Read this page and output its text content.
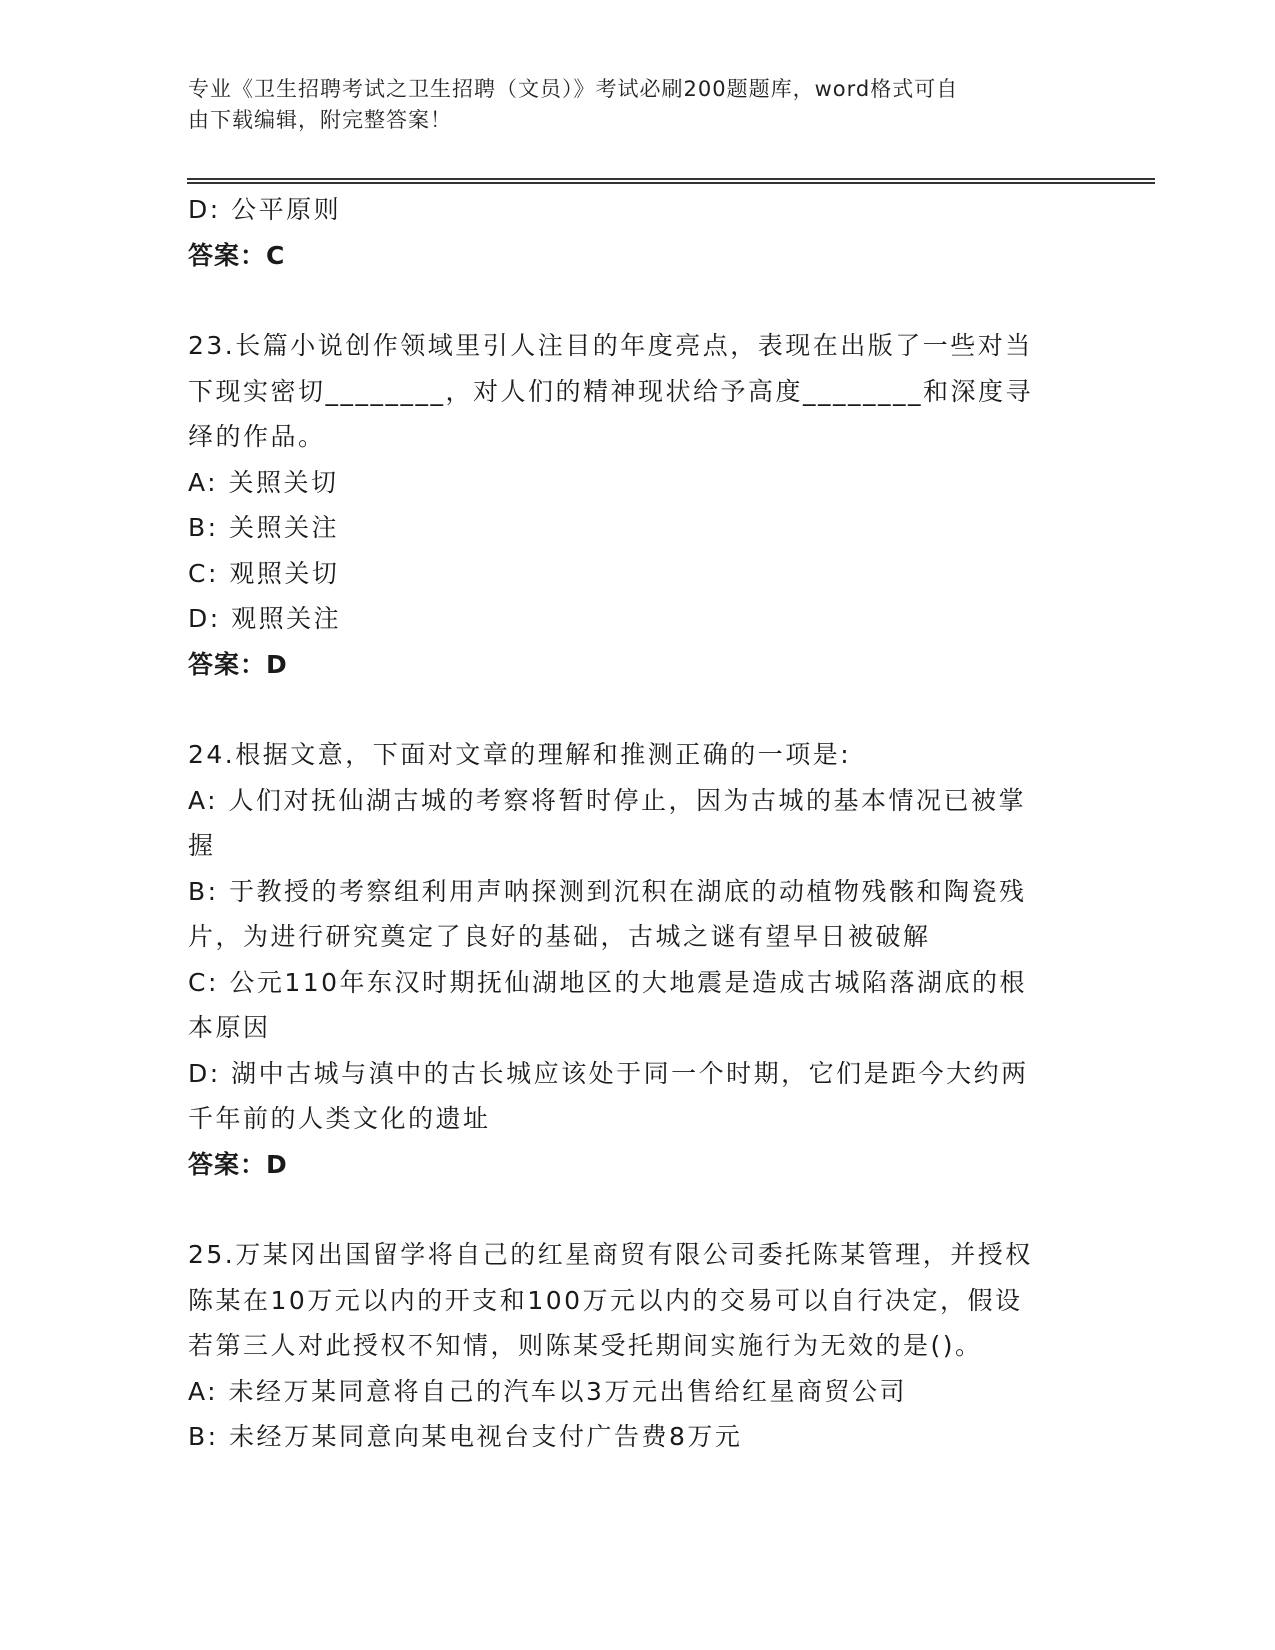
专业《卫生招聘考试之卫生招聘（文员）》考试必刷200题题库，word格式可自
由下载编辑，附完整答案！

D: 公平原则

答案：C

23.长篇小说创作领域里引人注目的年度亮点，表现在出版了一些对当

下现实密切________，对人们的精神现状给予高度________和深度寻

绎的作品。

A: 关照关切

B: 关照关注

C: 观照关切

D: 观照关注

答案：D

24.根据文意，下面对文章的理解和推测正确的一项是:

A: 人们对抚仙湖古城的考察将暂时停止，因为古城的基本情况已被掌

握

B: 于教授的考察组利用声呐探测到沉积在湖底的动植物残骸和陶瓷残

片，为进行研究奠定了良好的基础，古城之谜有望早日被破解

C: 公元110年东汉时期抚仙湖地区的大地震是造成古城陷落湖底的根

本原因

D: 湖中古城与滇中的古长城应该处于同一个时期，它们是距今大约两

千年前的人类文化的遗址

答案：D

25.万某冈出国留学将自己的红星商贸有限公司委托陈某管理，并授权

陈某在10万元以内的开支和100万元以内的交易可以自行决定，假设

若第三人对此授权不知情，则陈某受托期间实施行为无效的是()。

A: 未经万某同意将自己的汽车以3万元出售给红星商贸公司

B: 未经万某同意向某电视台支付广告费8万元
